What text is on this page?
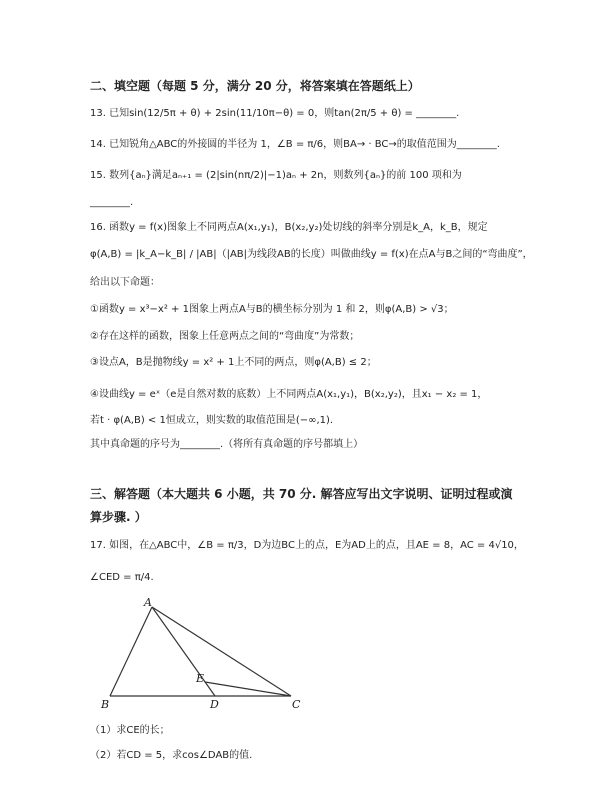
二、填空题（每题 5 分，满分 20 分，将答案填在答题纸上）
13. 已知sin(12/5π + θ) + 2sin(11/10π−θ) = 0，则tan(2π/5 + θ) = ________.
14. 已知锐角△ABC的外接圆的半径为 1，∠B = π/6，则BA→ · BC→的取值范围为________.
15. 数列{aₙ}满足aₙ₊₁ = (2|sin(nπ/2)|−1)aₙ + 2n，则数列{aₙ}的前 100 项和为
________.
16. 函数y = f(x)图象上不同两点A(x₁,y₁)，B(x₂,y₂)处切线的斜率分别是k_A，k_B，规定
φ(A,B) = |k_A−k_B| / |AB|（|AB|为线段AB的长度）叫做曲线y = f(x)在点A与B之间的“弯曲度”，
给出以下命题：
①函数y = x³−x² + 1图象上两点A与B的横坐标分别为 1 和 2，则φ(A,B) > √3；
②存在这样的函数，图象上任意两点之间的“弯曲度”为常数；
③设点A，B是抛物线y = x² + 1上不同的两点，则φ(A,B) ≤ 2；
④设曲线y = eˣ（e是自然对数的底数）上不同两点A(x₁,y₁)，B(x₂,y₂)，且x₁ − x₂ = 1，
若t · φ(A,B) < 1恒成立，则实数的取值范围是(−∞,1).
其中真命题的序号为________.（将所有真命题的序号都填上）
三、解答题（本大题共 6 小题，共 70 分. 解答应写出文字说明、证明过程或演
算步骤. ）
17. 如图，在△ABC中，∠B = π/3，D为边BC上的点，E为AD上的点，且AE = 8，AC = 4√10，
∠CED = π/4.
A
B	C
D
E
（1）求CE的长；
（2）若CD = 5，求cos∠DAB的值.
